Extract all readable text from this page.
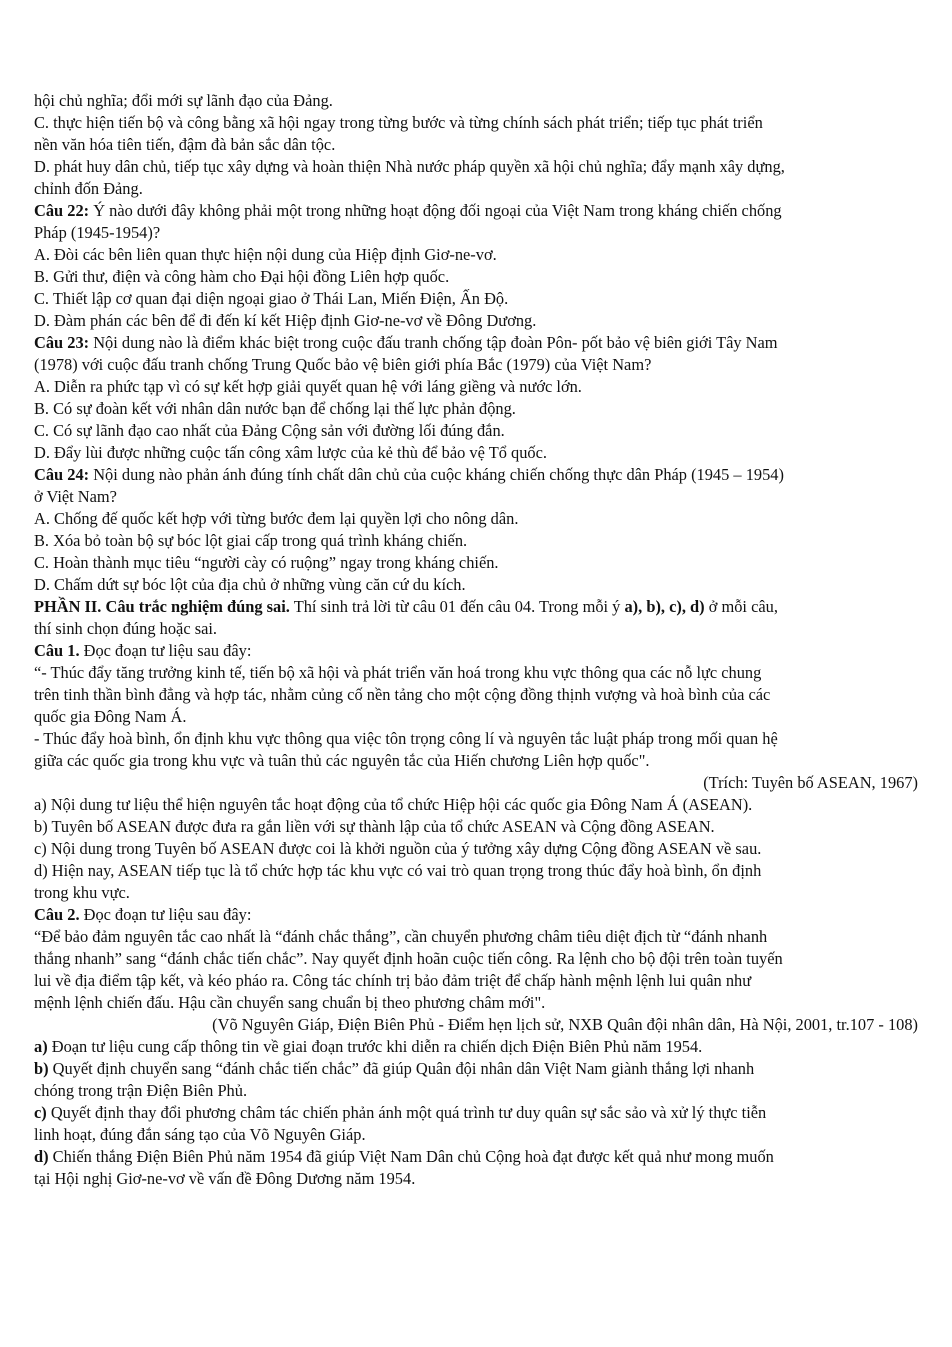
hội chủ nghĩa; đổi mới sự lãnh đạo của Đảng.

C. thực hiện tiến bộ và công bằng xã hội ngay trong từng bước và từng chính sách phát triển; tiếp tục phát triển

nền văn hóa tiên tiến, đậm đà bản sắc dân tộc.

D. phát huy dân chủ, tiếp tục xây dựng và hoàn thiện Nhà nước pháp quyền xã hội chủ nghĩa; đẩy mạnh xây dựng,

chỉnh đốn Đảng.

Câu 22: Ý nào dưới đây không phải một trong những hoạt động đối ngoại của Việt Nam trong kháng chiến chống

Pháp (1945-1954)?

A. Đòi các bên liên quan thực hiện nội dung của Hiệp định Giơ-ne-vơ.

B. Gửi thư, điện và công hàm cho Đại hội đồng Liên hợp quốc.

C. Thiết lập cơ quan đại diện ngoại giao ở Thái Lan, Miến Điện, Ấn Độ.

D. Đàm phán các bên để đi đến kí kết Hiệp định Giơ-ne-vơ về Đông Dương.

Câu 23: Nội dung nào là điểm khác biệt trong cuộc đấu tranh chống tập đoàn Pôn- pốt bảo vệ biên giới Tây Nam

(1978) với cuộc đấu tranh chống Trung Quốc bảo vệ biên giới phía Bắc (1979) của Việt Nam?

A. Diễn ra phức tạp vì có sự kết hợp giải quyết quan hệ với láng giềng và nước lớn.

B. Có sự đoàn kết với nhân dân nước bạn để chống lại thế lực phản động.

C. Có sự lãnh đạo cao nhất của Đảng Cộng sản với đường lối đúng đắn.

D. Đẩy lùi được những cuộc tấn công xâm lược của kẻ thù để bảo vệ Tổ quốc.

Câu 24: Nội dung nào phản ánh đúng tính chất dân chủ của cuộc kháng chiến chống thực dân Pháp (1945 – 1954)

ở Việt Nam?

A. Chống đế quốc kết hợp với từng bước đem lại quyền lợi cho nông dân.

B. Xóa bỏ toàn bộ sự bóc lột giai cấp trong quá trình kháng chiến.

C. Hoàn thành mục tiêu “người cày có ruộng” ngay trong kháng chiến.

D. Chấm dứt sự bóc lột của địa chủ ở những vùng căn cứ du kích.

PHẦN II. Câu trắc nghiệm đúng sai. Thí sinh trả lời từ câu 01 đến câu 04. Trong mỗi ý a), b), c), d) ở mỗi câu,

thí sinh chọn đúng hoặc sai.

Câu 1. Đọc đoạn tư liệu sau đây:

“- Thúc đẩy tăng trưởng kinh tế, tiến bộ xã hội và phát triển văn hoá trong khu vực thông qua các nỗ lực chung

trên tinh thần bình đẳng và hợp tác, nhằm củng cố nền tảng cho một cộng đồng thịnh vượng và hoà bình của các

quốc gia Đông Nam Á.

- Thúc đẩy hoà bình, ổn định khu vực thông qua việc tôn trọng công lí và nguyên tắc luật pháp trong mối quan hệ

giữa các quốc gia trong khu vực và tuân thủ các nguyên tắc của Hiến chương Liên hợp quốc".

(Trích: Tuyên bố ASEAN, 1967)

a) Nội dung tư liệu thể hiện nguyên tắc hoạt động của tổ chức Hiệp hội các quốc gia Đông Nam Á (ASEAN).

b) Tuyên bố ASEAN được đưa ra gắn liền với sự thành lập của tổ chức ASEAN và Cộng đồng ASEAN.

c) Nội dung trong Tuyên bố ASEAN được coi là khởi nguồn của ý tưởng xây dựng Cộng đồng ASEAN về sau.

d) Hiện nay, ASEAN tiếp tục là tổ chức hợp tác khu vực có vai trò quan trọng trong thúc đẩy hoà bình, ổn định

trong khu vực.

Câu 2. Đọc đoạn tư liệu sau đây:

“Để bảo đảm nguyên tắc cao nhất là “đánh chắc thắng”, cần chuyển phương châm tiêu diệt địch từ “đánh nhanh

thắng nhanh” sang “đánh chắc tiến chắc”. Nay quyết định hoãn cuộc tiến công. Ra lệnh cho bộ đội trên toàn tuyến

lui về địa điểm tập kết, và kéo pháo ra. Công tác chính trị bảo đảm triệt để chấp hành mệnh lệnh lui quân như

mệnh lệnh chiến đấu. Hậu cần chuyển sang chuẩn bị theo phương châm mới".

(Võ Nguyên Giáp, Điện Biên Phủ - Điểm hẹn lịch sử, NXB Quân đội nhân dân, Hà Nội, 2001, tr.107 - 108)

a) Đoạn tư liệu cung cấp thông tin về giai đoạn trước khi diễn ra chiến dịch Điện Biên Phủ năm 1954.

b) Quyết định chuyển sang “đánh chắc tiến chắc” đã giúp Quân đội nhân dân Việt Nam giành thắng lợi nhanh

chóng trong trận Điện Biên Phủ.

c) Quyết định thay đổi phương châm tác chiến phản ánh một quá trình tư duy quân sự sắc sảo và xử lý thực tiễn

linh hoạt, đúng đắn sáng tạo của Võ Nguyên Giáp.

d) Chiến thắng Điện Biên Phủ năm 1954 đã giúp Việt Nam Dân chủ Cộng hoà đạt được kết quả như mong muốn

tại Hội nghị Giơ-ne-vơ về vấn đề Đông Dương năm 1954.
